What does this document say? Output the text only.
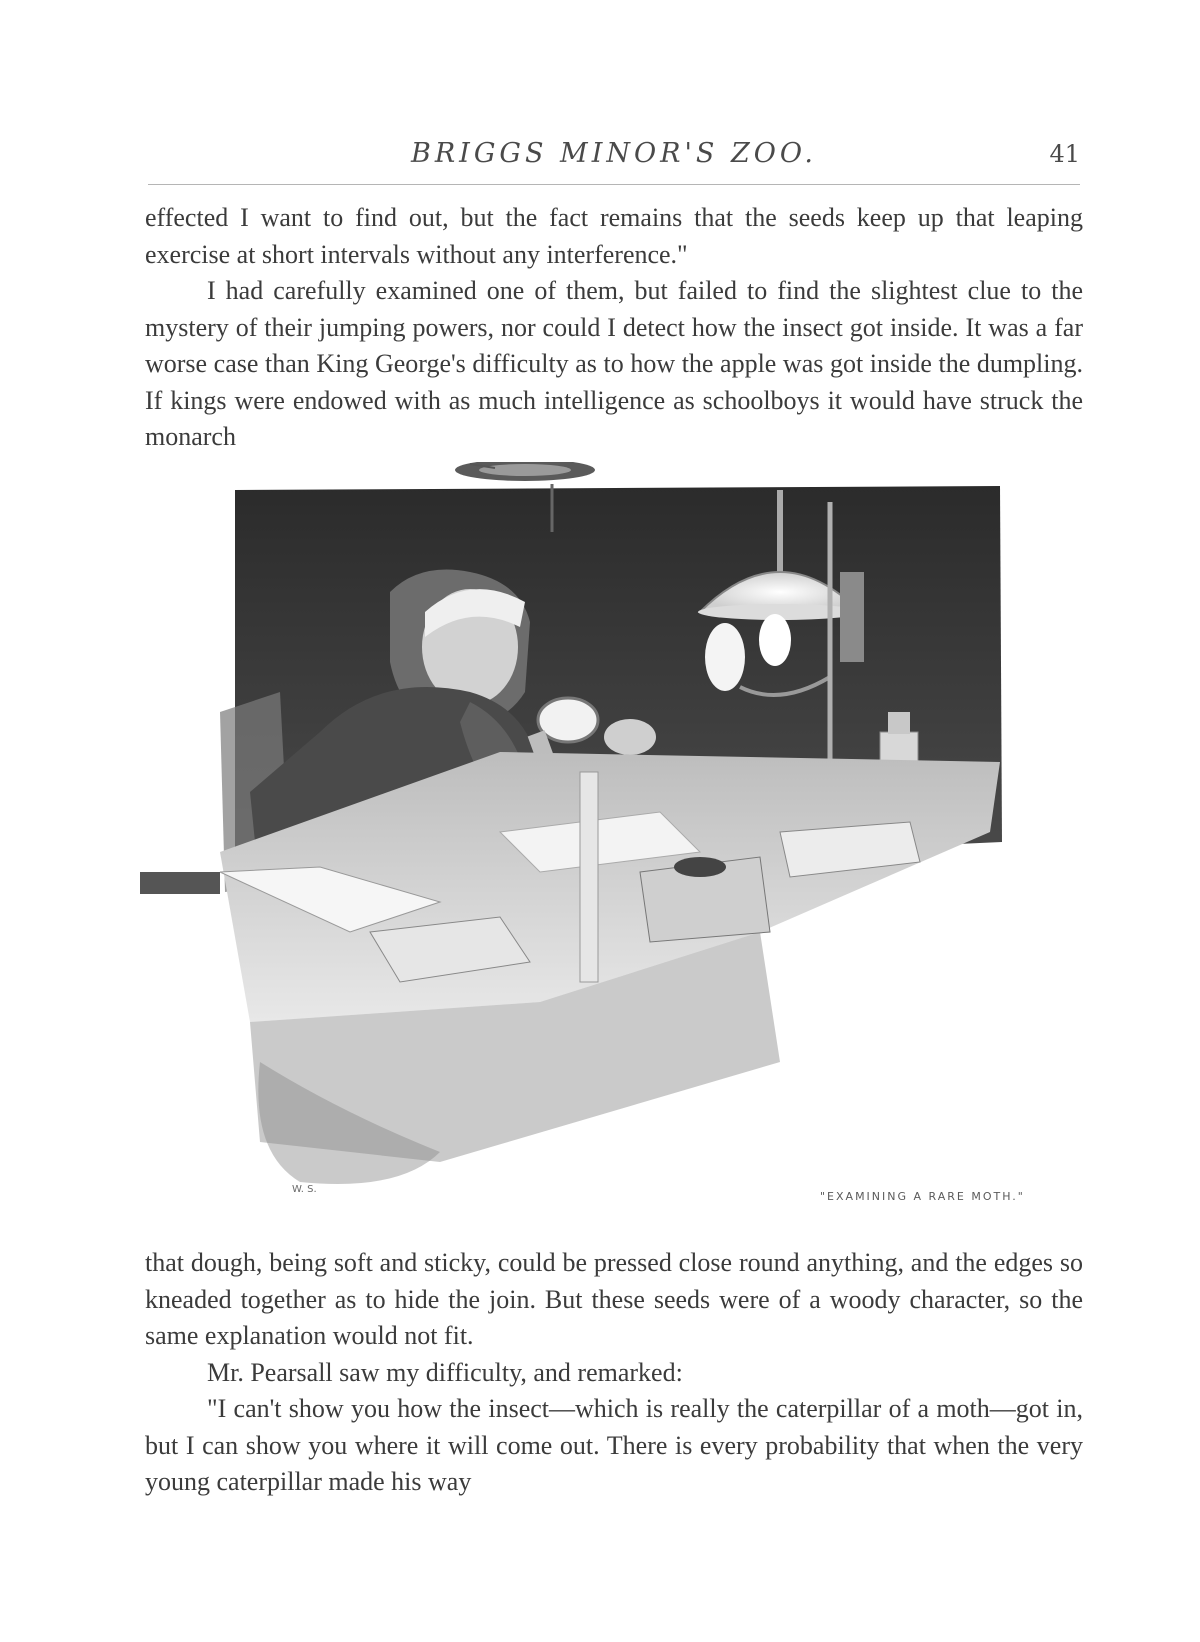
BRIGGS MINOR'S ZOO.	41

effected I want to find out, but the fact remains that the seeds keep up that leaping exercise at short intervals without any interference."

I had carefully examined one of them, but failed to find the slightest clue to the mystery of their jumping powers, nor could I detect how the insect got inside. It was a far worse case than King George's difficulty as to how the apple was got inside the dumpling. If kings were endowed with as much intelligence as schoolboys it would have struck the monarch

W. S.
"EXAMINING A RARE MOTH."

that dough, being soft and sticky, could be pressed close round anything, and the edges so kneaded together as to hide the join. But these seeds were of a woody character, so the same explanation would not fit.

Mr. Pearsall saw my difficulty, and remarked:

"I can't show you how the insect—which is really the caterpillar of a moth—got in, but I can show you where it will come out. There is every probability that when the very young caterpillar made his way
